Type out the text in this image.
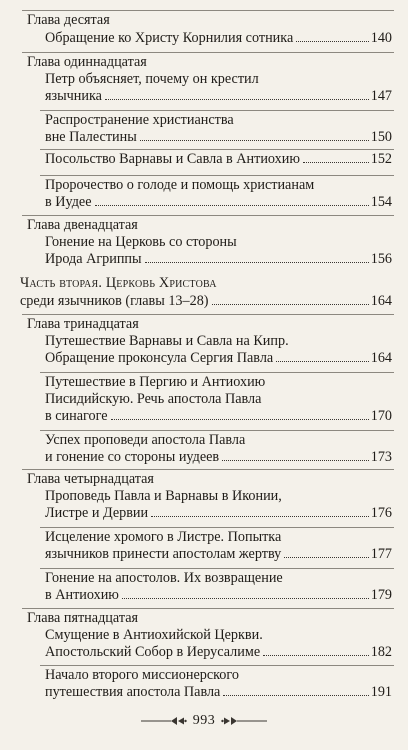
Глава десятая
Обращение ко Христу Корнилия сотника	140
Глава одиннадцатая
Петр объясняет, почему он крестил
язычника	147
Распространение христианства
вне Палестины	150
Посольство Варнавы и Савла в Антиохию	152
Пророчество о голоде и помощь христианам
в Иудее	154
Глава двенадцатая
Гонение на Церковь со стороны
Ирода Агриппы	156
Часть вторая. Церковь Христова
среди язычников (главы 13–28)	164
Глава тринадцатая
Путешествие Варнавы и Савла на Кипр.
Обращение проконсула Сергия Павла	164
Путешествие в Пергию и Антиохию
Писидийскую. Речь апостола Павла
в синагоге	170
Успех проповеди апостола Павла
и гонение со стороны иудеев	173
Глава четырнадцатая
Проповедь Павла и Варнавы в Иконии,
Листре и Дервии	176
Исцеление хромого в Листре. Попытка
язычников принести апостолам жертву	177
Гонение на апостолов. Их возвращение
в Антиохию	179
Глава пятнадцатая
Смущение в Антиохийской Церкви.
Апостольский Собор в Иерусалиме	182
Начало второго миссионерского
путешествия апостола Павла	191
993
